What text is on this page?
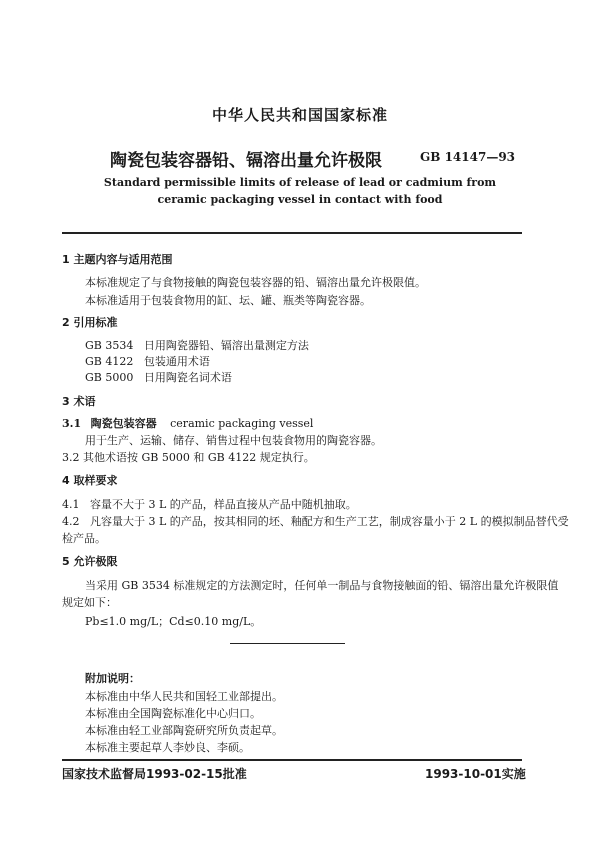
中华人民共和国国家标准
陶瓷包装容器铅、镉溶出量允许极限	GB 14147—93
Standard permissible limits of release of lead or cadmium from
ceramic packaging vessel in contact with food
1 主题内容与适用范围
本标准规定了与食物接触的陶瓷包装容器的铅、镉溶出量允许极限值。
本标准适用于包装食物用的缸、坛、罐、瓶类等陶瓷容器。
2 引用标准
GB 3534   日用陶瓷器铅、镉溶出量测定方法
GB 4122   包装通用术语
GB 5000   日用陶瓷名词术语
3 术语
3.1 陶瓷包装容器 ceramic packaging vessel
用于生产、运输、储存、销售过程中包装食物用的陶瓷容器。
3.2 其他术语按 GB 5000 和 GB 4122 规定执行。
4 取样要求
4.1   容量不大于 3 L 的产品，样品直接从产品中随机抽取。
4.2   凡容量大于 3 L 的产品，按其相同的坯、釉配方和生产工艺，制成容量小于 2 L 的模拟制品替代受
检产品。
5 允许极限
当采用 GB 3534 标准规定的方法测定时，任何单一制品与食物接触面的铅、镉溶出量允许极限值
规定如下：
Pb≤1.0 mg/L；Cd≤0.10 mg/L。
附加说明：
本标准由中华人民共和国轻工业部提出。
本标准由全国陶瓷标准化中心归口。
本标准由轻工业部陶瓷研究所负责起草。
本标准主要起草人李妙良、李硕。
国家技术监督局1993-02-15批准	1993-10-01实施
